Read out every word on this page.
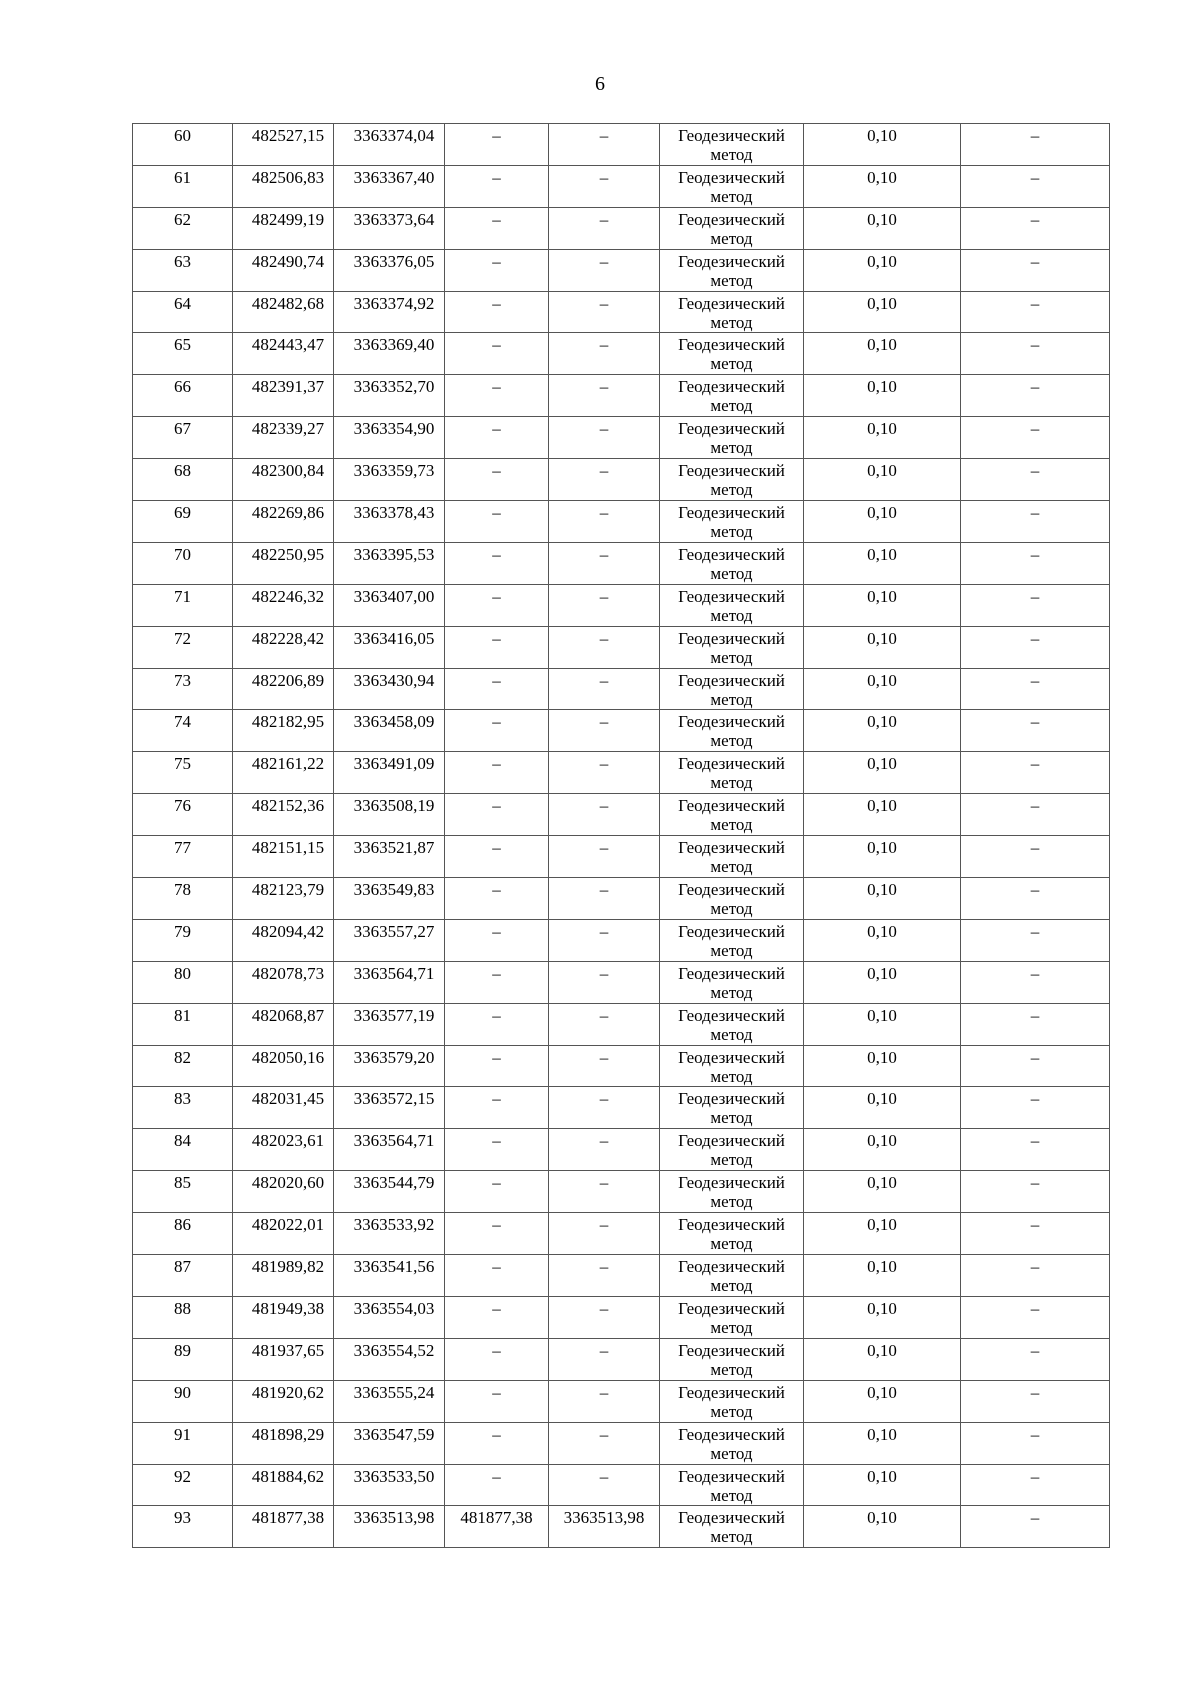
6
60	482527,15	3363374,04	–	–	Геодезический метод	0,10	–

61	482506,83	3363367,40	–	–	Геодезический метод	0,10	–

62	482499,19	3363373,64	–	–	Геодезический метод	0,10	–

63	482490,74	3363376,05	–	–	Геодезический метод	0,10	–

64	482482,68	3363374,92	–	–	Геодезический метод	0,10	–

65	482443,47	3363369,40	–	–	Геодезический метод	0,10	–

66	482391,37	3363352,70	–	–	Геодезический метод	0,10	–

67	482339,27	3363354,90	–	–	Геодезический метод	0,10	–

68	482300,84	3363359,73	–	–	Геодезический метод	0,10	–

69	482269,86	3363378,43	–	–	Геодезический метод	0,10	–

70	482250,95	3363395,53	–	–	Геодезический метод	0,10	–

71	482246,32	3363407,00	–	–	Геодезический метод	0,10	–

72	482228,42	3363416,05	–	–	Геодезический метод	0,10	–

73	482206,89	3363430,94	–	–	Геодезический метод	0,10	–

74	482182,95	3363458,09	–	–	Геодезический метод	0,10	–

75	482161,22	3363491,09	–	–	Геодезический метод	0,10	–

76	482152,36	3363508,19	–	–	Геодезический метод	0,10	–

77	482151,15	3363521,87	–	–	Геодезический метод	0,10	–

78	482123,79	3363549,83	–	–	Геодезический метод	0,10	–

79	482094,42	3363557,27	–	–	Геодезический метод	0,10	–

80	482078,73	3363564,71	–	–	Геодезический метод	0,10	–

81	482068,87	3363577,19	–	–	Геодезический метод	0,10	–

82	482050,16	3363579,20	–	–	Геодезический метод	0,10	–

83	482031,45	3363572,15	–	–	Геодезический метод	0,10	–

84	482023,61	3363564,71	–	–	Геодезический метод	0,10	–

85	482020,60	3363544,79	–	–	Геодезический метод	0,10	–

86	482022,01	3363533,92	–	–	Геодезический метод	0,10	–

87	481989,82	3363541,56	–	–	Геодезический метод	0,10	–

88	481949,38	3363554,03	–	–	Геодезический метод	0,10	–

89	481937,65	3363554,52	–	–	Геодезический метод	0,10	–

90	481920,62	3363555,24	–	–	Геодезический метод	0,10	–

91	481898,29	3363547,59	–	–	Геодезический метод	0,10	–

92	481884,62	3363533,50	–	–	Геодезический метод	0,10	–

93	481877,38	3363513,98	481877,38	3363513,98	Геодезический метод	0,10	–
